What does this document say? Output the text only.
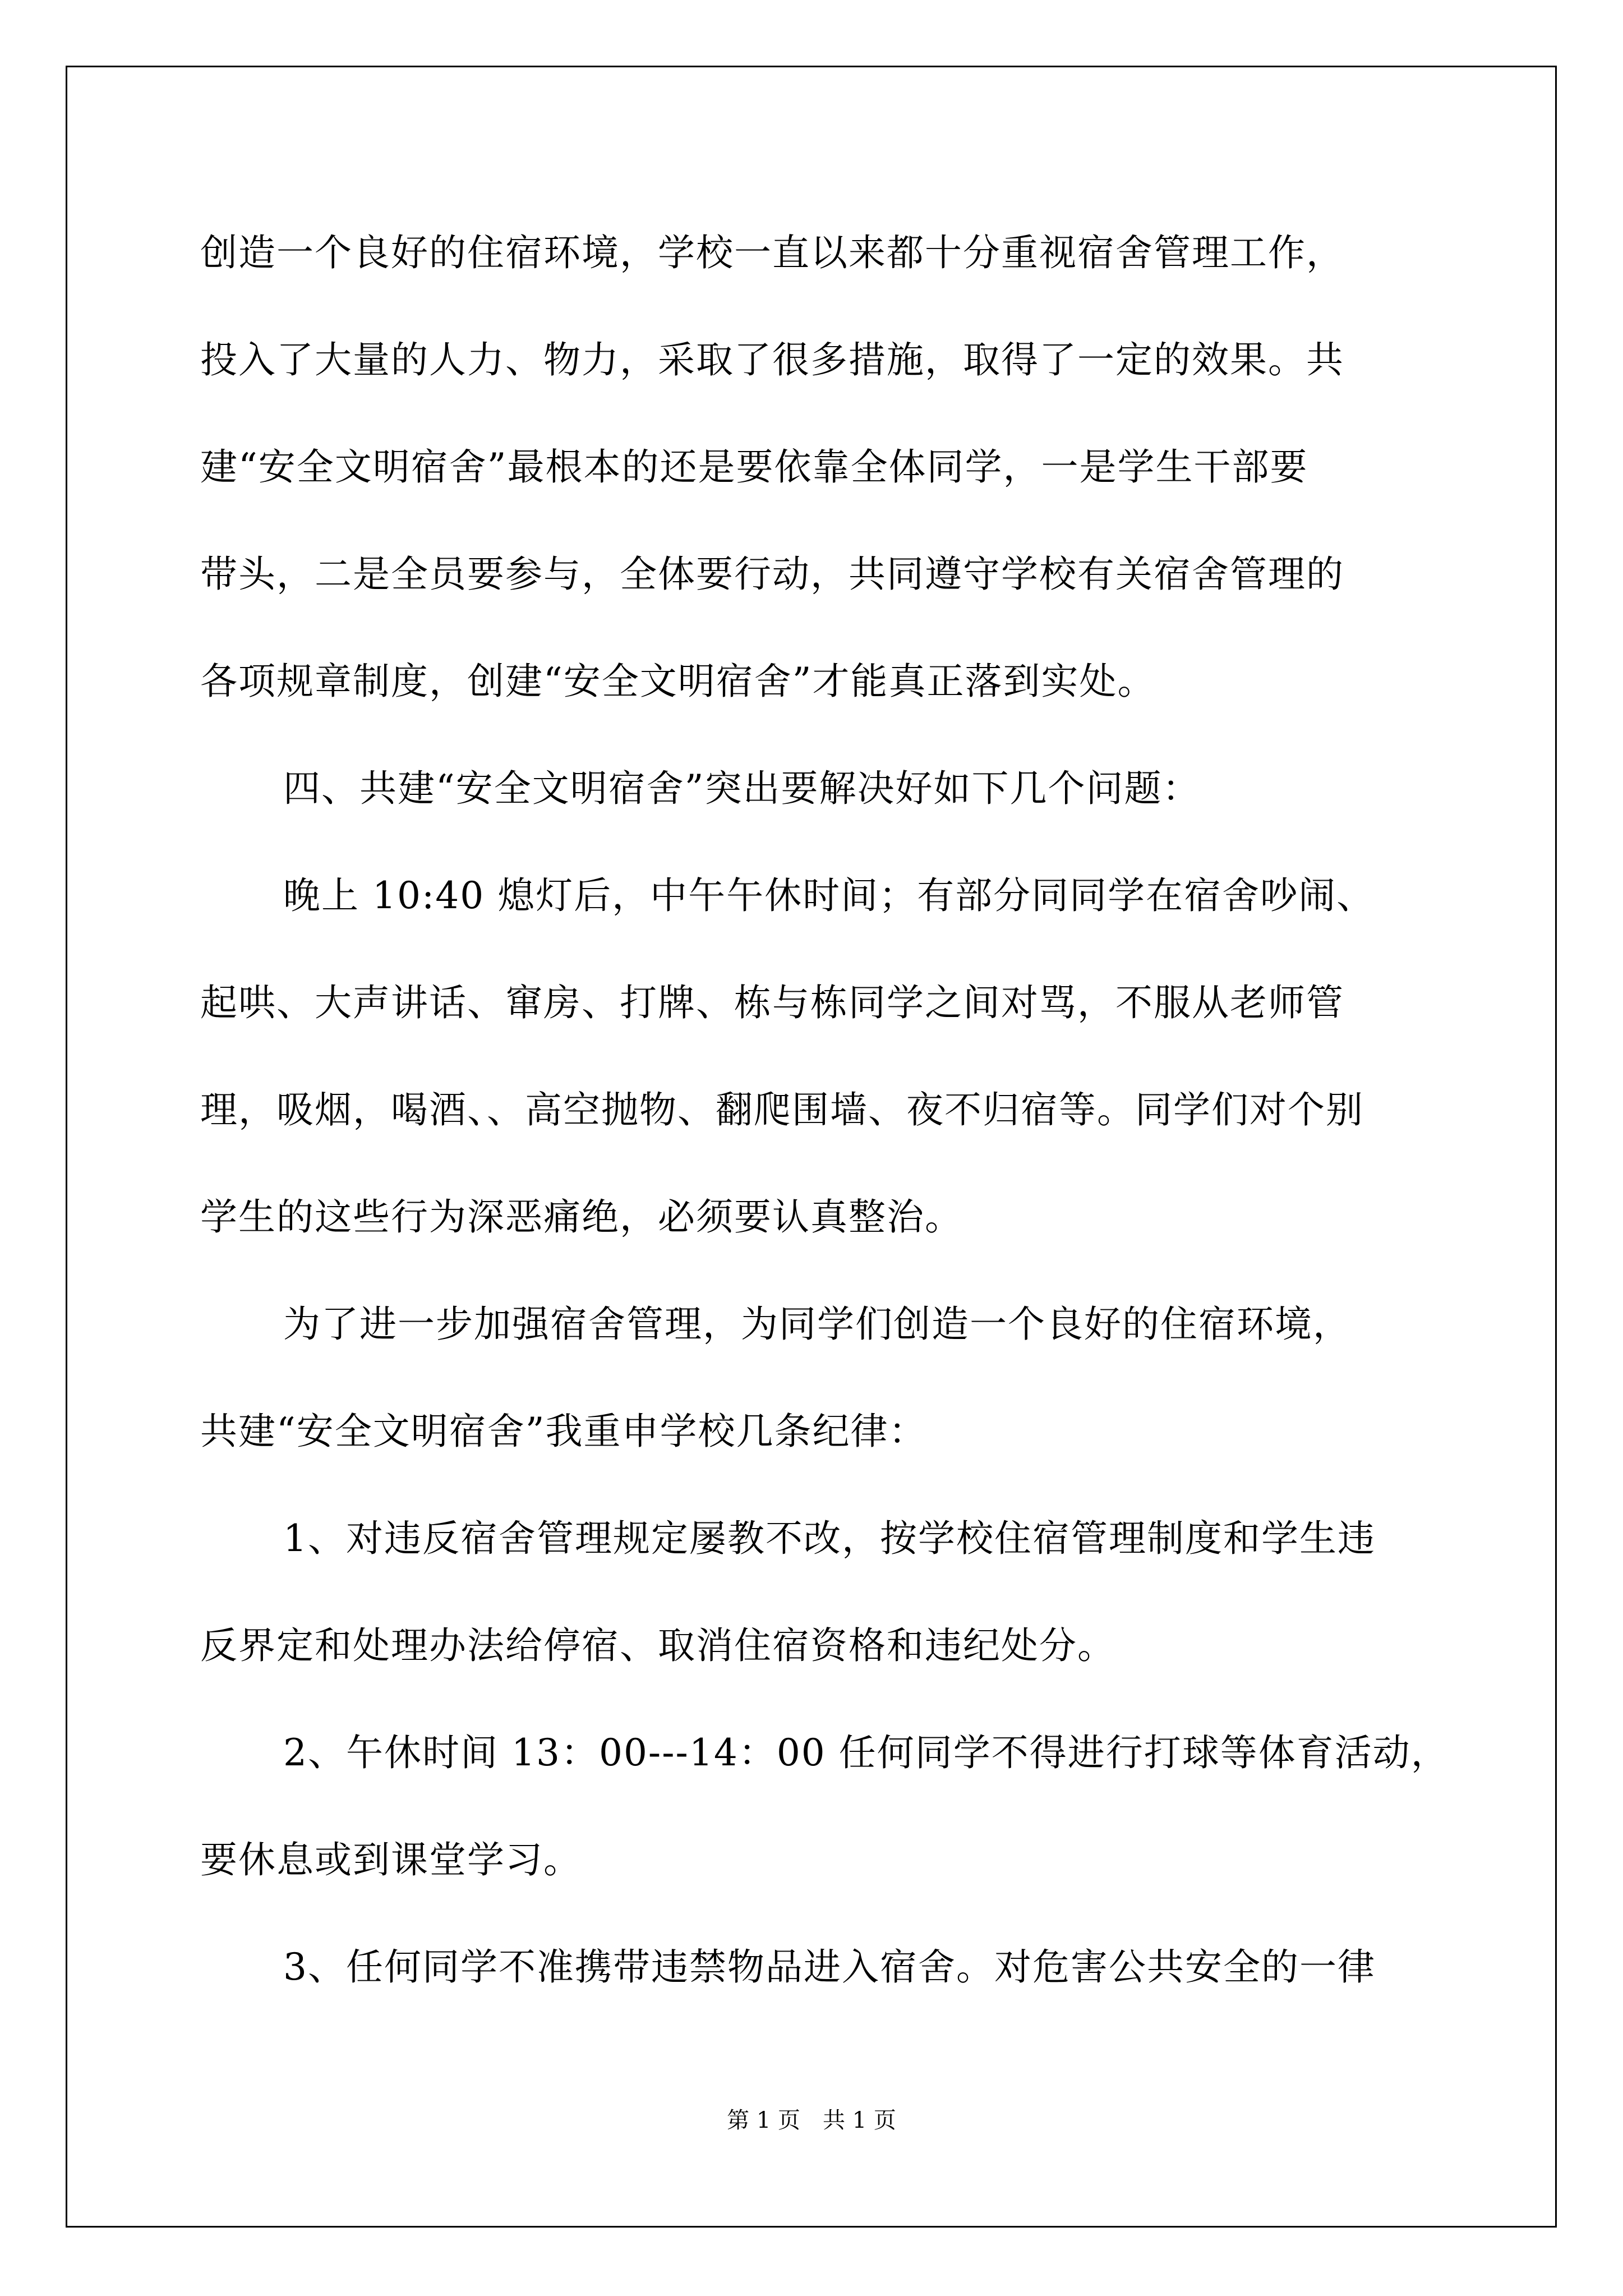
创造一个良好的住宿环境，学校一直以来都十分重视宿舍管理工作，
投入了大量的人力、物力，采取了很多措施，取得了一定的效果。共
建“安全文明宿舍”最根本的还是要依靠全体同学，一是学生干部要
带头，二是全员要参与，全体要行动，共同遵守学校有关宿舍管理的
各项规章制度，创建“安全文明宿舍”才能真正落到实处。
四、共建“安全文明宿舍”突出要解决好如下几个问题：
晚上 10:40 熄灯后，中午午休时间；有部分同同学在宿舍吵闹、
起哄、大声讲话、窜房、打牌、栋与栋同学之间对骂，不服从老师管
理，吸烟，喝酒、、高空抛物、翻爬围墙、夜不归宿等。同学们对个别
学生的这些行为深恶痛绝，必须要认真整治。
为了进一步加强宿舍管理，为同学们创造一个良好的住宿环境，
共建“安全文明宿舍”我重申学校几条纪律：
1、对违反宿舍管理规定屡教不改，按学校住宿管理制度和学生违
反界定和处理办法给停宿、取消住宿资格和违纪处分。
2、午休时间 13：00---14：00 任何同学不得进行打球等体育活动，
要休息或到课堂学习。
3、任何同学不准携带违禁物品进入宿舍。对危害公共安全的一律
第 1 页　共 1 页
